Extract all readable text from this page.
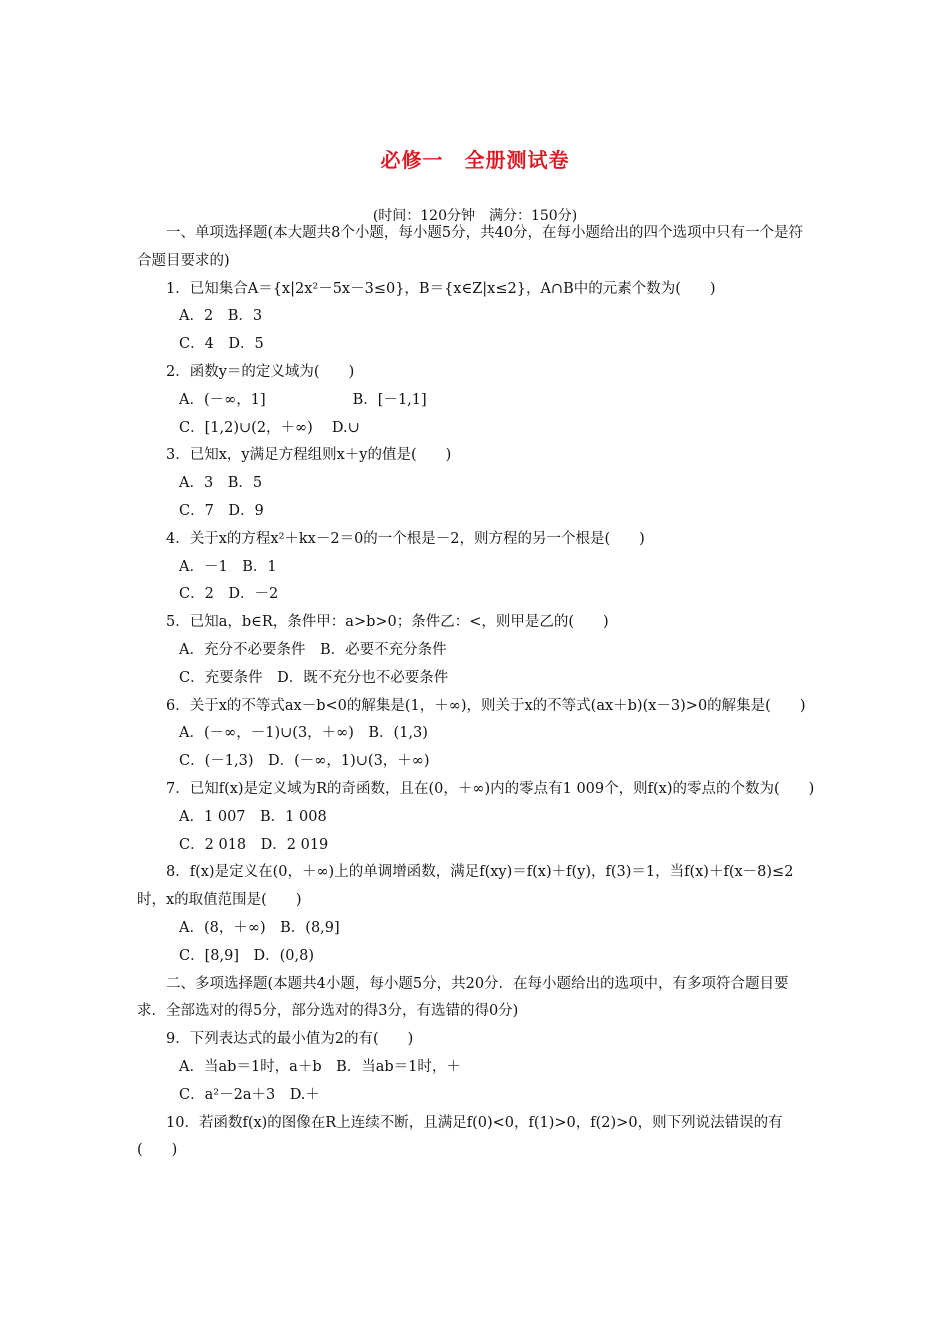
必修一　全册测试卷
(时间：120分钟　满分：150分)

一、单项选择题(本大题共8个小题，每小题5分，共40分，在每小题给出的四个选项中只有一个是符合题目要求的)

1．已知集合A＝{x|2x²－5x－3≤0}，B＝{x∈Z|x≤2}，A∩B中的元素个数为(　　)

A．2　B．3

C．4　D．5

2．函数y＝的定义域为(　　)

A．(－∞，1]　　　　　　B．[－1,1]

C．[1,2)∪(2，＋∞)　 D.∪

3．已知x，y满足方程组则x＋y的值是(　　)

A．3　B．5

C．7　D．9

4．关于x的方程x²＋kx－2＝0的一个根是－2，则方程的另一个根是(　　)

A．－1　B．1

C．2　D．－2

5．已知a，b∈R，条件甲：a>b>0；条件乙：<，则甲是乙的(　　)

A．充分不必要条件　B．必要不充分条件

C．充要条件　D．既不充分也不必要条件

6．关于x的不等式ax－b<0的解集是(1，＋∞)，则关于x的不等式(ax＋b)(x－3)>0的解集是(　　)

A．(－∞，－1)∪(3，＋∞)　B．(1,3)

C．(－1,3)　D．(－∞，1)∪(3，＋∞)

7．已知f(x)是定义域为R的奇函数，且在(0，＋∞)内的零点有1 009个，则f(x)的零点的个数为(　　)

A．1 007　B．1 008

C．2 018　D．2 019

8．f(x)是定义在(0，＋∞)上的单调增函数，满足f(xy)＝f(x)＋f(y)，f(3)＝1，当f(x)＋f(x－8)≤2时，x的取值范围是(　　)

A．(8，＋∞)　B．(8,9]

C．[8,9]　D．(0,8)

二、多项选择题(本题共4小题，每小题5分，共20分．在每小题给出的选项中，有多项符合题目要求．全部选对的得5分，部分选对的得3分，有选错的得0分)

9．下列表达式的最小值为2的有(　　)

A．当ab＝1时，a＋b　B．当ab＝1时，＋

C．a²－2a＋3　D.＋

10．若函数f(x)的图像在R上连续不断，且满足f(0)<0，f(1)>0，f(2)>0，则下列说法错误的有(　　)
